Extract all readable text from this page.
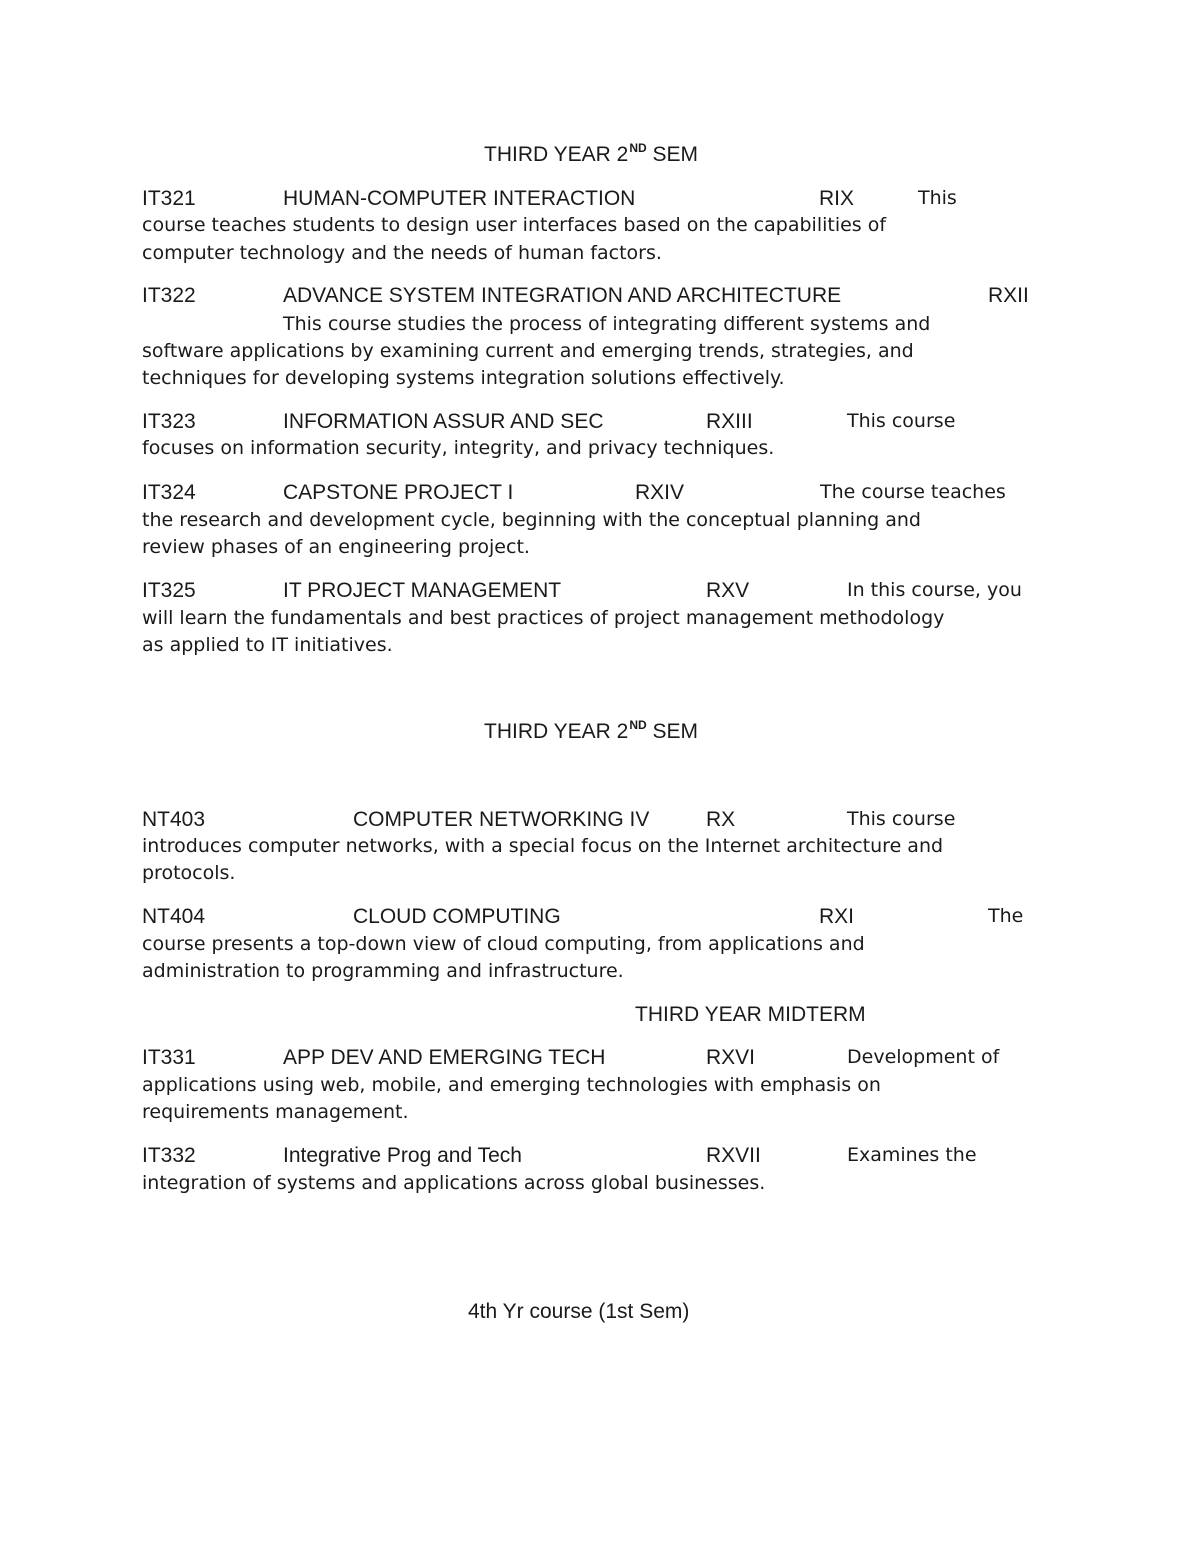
THIRD YEAR 2ND SEM
IT321	HUMAN-COMPUTER INTERACTION	RIX	This
course teaches students to design user interfaces based on the capabilities of
computer technology and the needs of human factors.
IT322	ADVANCE SYSTEM INTEGRATION AND ARCHITECTURE	RXII
This course studies the process of integrating different systems and
software applications by examining current and emerging trends, strategies, and
techniques for developing systems integration solutions effectively.
IT323	INFORMATION ASSUR AND SEC	RXIII	This course
focuses on information security, integrity, and privacy techniques.
IT324	CAPSTONE PROJECT I	RXIV	The course teaches
the research and development cycle, beginning with the conceptual planning and
review phases of an engineering project.
IT325	IT PROJECT MANAGEMENT	RXV	In this course, you
will learn the fundamentals and best practices of project management methodology
as applied to IT initiatives.
THIRD YEAR 2ND SEM
NT403	COMPUTER NETWORKING IV	RX	This course
introduces computer networks, with a special focus on the Internet architecture and
protocols.
NT404	CLOUD COMPUTING	RXI	The
course presents a top-down view of cloud computing, from applications and
administration to programming and infrastructure.
THIRD YEAR MIDTERM
IT331	APP DEV AND EMERGING TECH	RXVI	Development of
applications using web, mobile, and emerging technologies with emphasis on
requirements management.
IT332	Integrative Prog and Tech	RXVII	Examines the
integration of systems and applications across global businesses.
4th Yr course (1st Sem)
